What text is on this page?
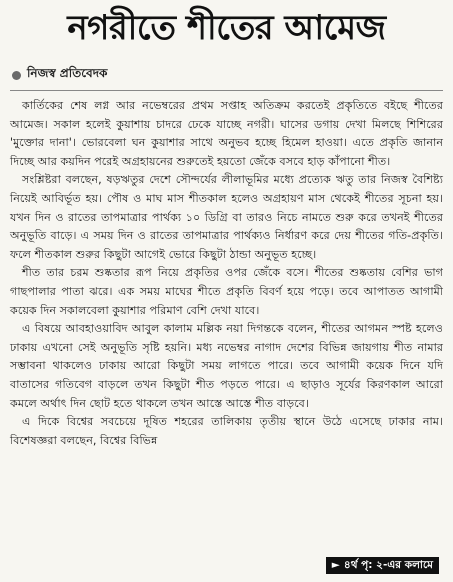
নগরীতে শীতের আমেজ
নিজস্ব প্রতিবেদক

কার্তিকের শেষ লগ্ন আর নভেম্বরের প্রথম সপ্তাহ অতিক্রম করতেই প্রকৃতিতে বইছে শীতের আমেজ। সকাল হলেই কুয়াশায় চাদরে ঢেকে যাচ্ছে নগরী। ঘাসের ডগায় দেখা মিলছে শিশিরের 'মুক্তোর দানা'। ভোরবেলা ঘন কুয়াশার সাথে অনুভব হচ্ছে হিমেল হাওয়া। এতে প্রকৃতি জানান দিচ্ছে আর কয়দিন পরেই অগ্রহায়নের শুরুতেই হয়তো জেঁকে বসবে হাড় কাঁপানো শীত।

সংশ্লিষ্টরা বলছেন, ষড়ঋতুর দেশে সৌন্দর্যের লীলাভূমির মধ্যে প্রত্যেক ঋতু তার নিজস্ব বৈশিষ্ট্য নিয়েই আবির্ভূত হয়। পৌষ ও মাঘ মাস শীতকাল হলেও অগ্রহায়ণ মাস থেকেই শীতের সূচনা হয়। যখন দিন ও রাতের তাপমাত্রার পার্থক্য ১০ ডিগ্রি বা তারও নিচে নামতে শুরু করে তখনই শীতের অনুভূতি বাড়ে। এ সময় দিন ও রাতের তাপমাত্রার পার্থক্যও নির্ধারণ করে দেয় শীতের গতি-প্রকৃতি। ফলে শীতকাল শুরুর কিছুটা আগেই ভোরে কিছুটা ঠান্ডা অনুভূত হচ্ছে।

শীত তার চরম শুষ্কতার রূপ নিয়ে প্রকৃতির ওপর জেঁকে বসে। শীতের শুষ্কতায় বেশির ভাগ গাছপালার পাতা ঝরে। এক সময় মাঘের শীতে প্রকৃতি বিবর্ণ হয়ে পড়ে। তবে আপাতত আগামী কয়েক দিন সকালবেলা কুয়াশার পরিমাণ বেশি দেখা যাবে।

এ বিষয়ে আবহাওয়াবিদ আবুল কালাম মল্লিক নয়া দিগন্তকে বলেন, শীতের আগমন স্পষ্ট হলেও ঢাকায় এখনো সেই অনুভূতি সৃষ্টি হয়নি। মধ্য নভেম্বর নাগাদ দেশের বিভিন্ন জায়গায় শীত নামার সম্ভাবনা থাকলেও ঢাকায় আরো কিছুটা সময় লাগতে পারে। তবে আগামী কয়েক দিনে যদি বাতাসের গতিবেগ বাড়লে তখন কিছুটা শীত পড়তে পারে। এ ছাড়াও সূর্যের কিরণকাল আরো কমলে অর্থাৎ দিন ছোট হতে থাকলে তখন আস্তে আস্তে শীত বাড়বে।

এ দিকে বিশ্বের সবচেয়ে দূষিত শহরের তালিকায় তৃতীয় স্থানে উঠে এসেছে ঢাকার নাম। বিশেষজ্ঞরা বলছেন, বিশ্বের বিভিন্ন

► ৪র্থ পৃ: ২-এর কলামে
